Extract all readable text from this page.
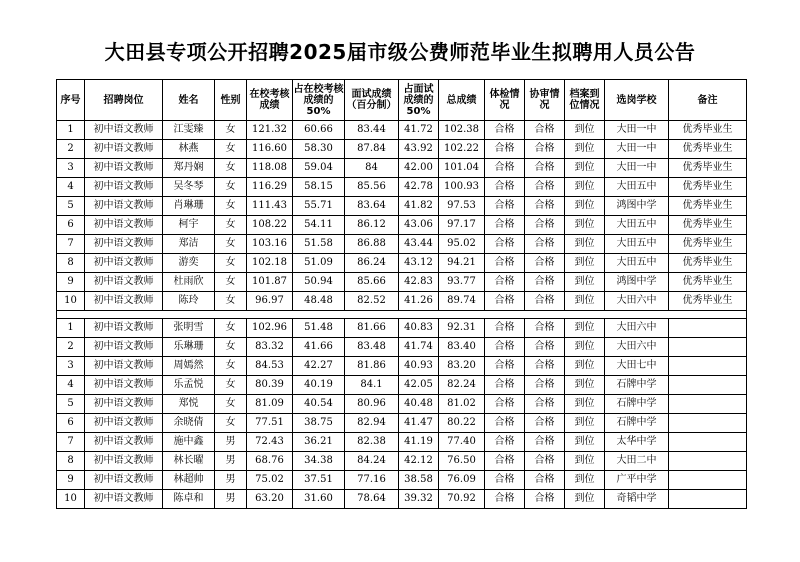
大田县专项公开招聘2025届市级公费师范毕业生拟聘用人员公告
序号	招聘岗位	姓名	性别	在校考核成绩	占在校考核成绩的50%	面试成绩（百分制）	占面试成绩的50%	总成绩	体检情况	协审情况	档案到位情况	选岗学校	备注
1	初中语文教师	江雯臻	女	121.32	60.66	83.44	41.72	102.38	合格	合格	到位	大田一中	优秀毕业生
2	初中语文教师	林燕	女	116.60	58.30	87.84	43.92	102.22	合格	合格	到位	大田一中	优秀毕业生
3	初中语文教师	郑丹娴	女	118.08	59.04	84	42.00	101.04	合格	合格	到位	大田一中	优秀毕业生
4	初中语文教师	吴冬琴	女	116.29	58.15	85.56	42.78	100.93	合格	合格	到位	大田五中	优秀毕业生
5	初中语文教师	肖琳珊	女	111.43	55.71	83.64	41.82	97.53	合格	合格	到位	鸿图中学	优秀毕业生
6	初中语文教师	柯宇	女	108.22	54.11	86.12	43.06	97.17	合格	合格	到位	大田五中	优秀毕业生
7	初中语文教师	郑洁	女	103.16	51.58	86.88	43.44	95.02	合格	合格	到位	大田五中	优秀毕业生
8	初中语文教师	游奕	女	102.18	51.09	86.24	43.12	94.21	合格	合格	到位	大田五中	优秀毕业生
9	初中语文教师	杜雨欣	女	101.87	50.94	85.66	42.83	93.77	合格	合格	到位	鸿图中学	优秀毕业生
10	初中语文教师	陈玲	女	96.97	48.48	82.52	41.26	89.74	合格	合格	到位	大田六中	优秀毕业生

1	初中语文教师	张明雪	女	102.96	51.48	81.66	40.83	92.31	合格	合格	到位	大田六中	
2	初中语文教师	乐琳珊	女	83.32	41.66	83.48	41.74	83.40	合格	合格	到位	大田六中	
3	初中语文教师	周嫣然	女	84.53	42.27	81.86	40.93	83.20	合格	合格	到位	大田七中	
4	初中语文教师	乐孟悦	女	80.39	40.19	84.1	42.05	82.24	合格	合格	到位	石牌中学	
5	初中语文教师	郑悦	女	81.09	40.54	80.96	40.48	81.02	合格	合格	到位	石牌中学	
6	初中语文教师	余晓倩	女	77.51	38.75	82.94	41.47	80.22	合格	合格	到位	石牌中学	
7	初中语文教师	施中鑫	男	72.43	36.21	82.38	41.19	77.40	合格	合格	到位	太华中学	
8	初中语文教师	林长曜	男	68.76	34.38	84.24	42.12	76.50	合格	合格	到位	大田二中	
9	初中语文教师	林超帅	男	75.02	37.51	77.16	38.58	76.09	合格	合格	到位	广平中学	
10	初中语文教师	陈卓和	男	63.20	31.60	78.64	39.32	70.92	合格	合格	到位	奇韬中学	
